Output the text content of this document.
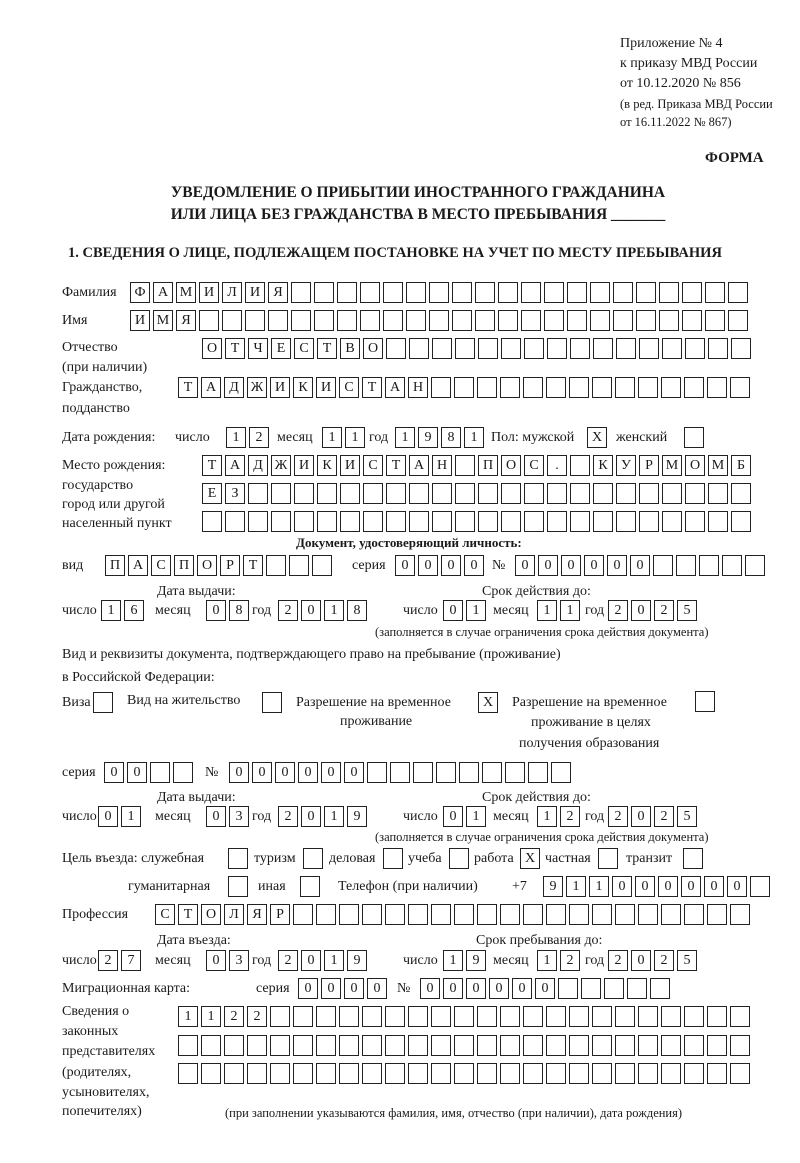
Приложение № 4
к приказу МВД России
от 10.12.2020 № 856
(в ред. Приказа МВД России
от 16.11.2022 № 867)
ФОРМА
УВЕДОМЛЕНИЕ О ПРИБЫТИИ ИНОСТРАННОГО ГРАЖДАНИНА
ИЛИ ЛИЦА БЕЗ ГРАЖДАНСТВА В МЕСТО ПРЕБЫВАНИЯ _______
1. СВЕДЕНИЯ О ЛИЦЕ, ПОДЛЕЖАЩЕМ ПОСТАНОВКЕ НА УЧЕТ ПО МЕСТУ ПРЕБЫВАНИЯ
Фамилия	Ф А М И Л И Я
Имя	И М Я
Отчество
(при наличии)
О Т	Ч	Е	С	Т	В О
Гражданство,
подданство
Т А Д Ж И К И С	Т А Н
Дата рождения: число	1	2	месяц	1	1 год 1	9	8	1 Пол: мужской	X женский
Место рождения:
государство
город или другой
населенный пункт
Т А Д Ж И К И С	Т А Н	П О С	.	К У	Р М О М Б
Е	З
Документ, удостоверяющий личность:
вид	П А С П О	Р	Т	серия	0	0	0	0	№	0	0	0	0	0	0
Дата выдачи:	Срок действия до:
число 1	6	месяц	0	8 год 2	0	1	8	число 0	1 месяц	1	1 год 2	0	2	5
(заполняется в случае ограничения срока действия документа)
Вид и реквизиты документа, подтверждающего право на пребывание (проживание)
в Российской Федерации:
Виза	Вид на жительство	Разрешение на временное
проживание
X	Разрешение на временное
проживание в целях
получения образования
серия	0	0	№	0	0	0	0	0	0
Дата выдачи:	Срок действия до:
число 0	1	месяц	0	3 год 2	0	1	9	число 0	1 месяц	1	2 год 2	0	2	5
(заполняется в случае ограничения срока действия документа)
Цель въезда: служебная	туризм деловая учеба работа X частная	транзит
гуманитарная	иная	Телефон (при наличии) +7	9	1	1	0	0	0	0	0	0
Профессия	С	Т О Л Я	Р
Дата въезда:	Срок пребывания до:
число 2	7	месяц	0	3 год 2	0	1	9	число 1	9 месяц	1	2 год 2	0	2	5
Миграционная карта:	серия	0	0	0	0	№	0	0	0	0	0	0
Сведения о
законных
представителях
(родителях,
усыновителях,
попечителях)
1	1	2	2
(при заполнении указываются фамилия, имя, отчество (при наличии), дата рождения)
